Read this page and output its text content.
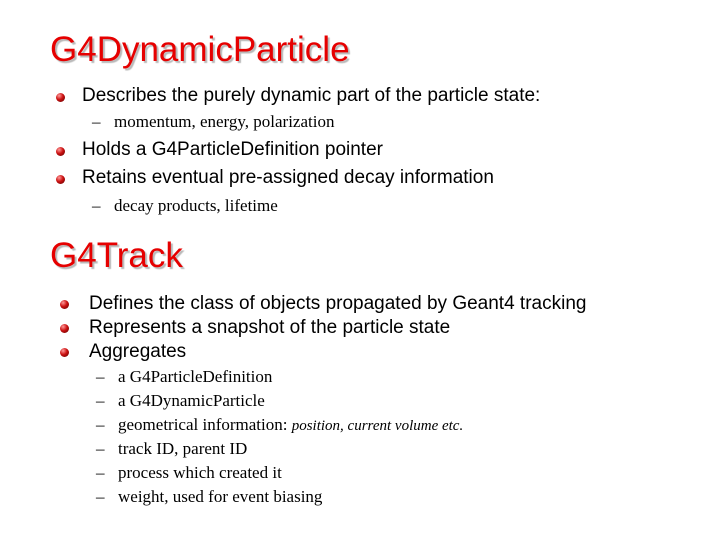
G4DynamicParticle
Describes the purely dynamic part of the particle state:
– momentum, energy, polarization
Holds a G4ParticleDefinition pointer
Retains eventual pre-assigned decay information
– decay products, lifetime
G4Track
Defines the class of objects propagated by Geant4 tracking
Represents a snapshot of the particle state
Aggregates
– a G4ParticleDefinition
– a G4DynamicParticle
– geometrical information: position, current volume etc.
– track ID, parent ID
– process which created it
– weight, used for event biasing
